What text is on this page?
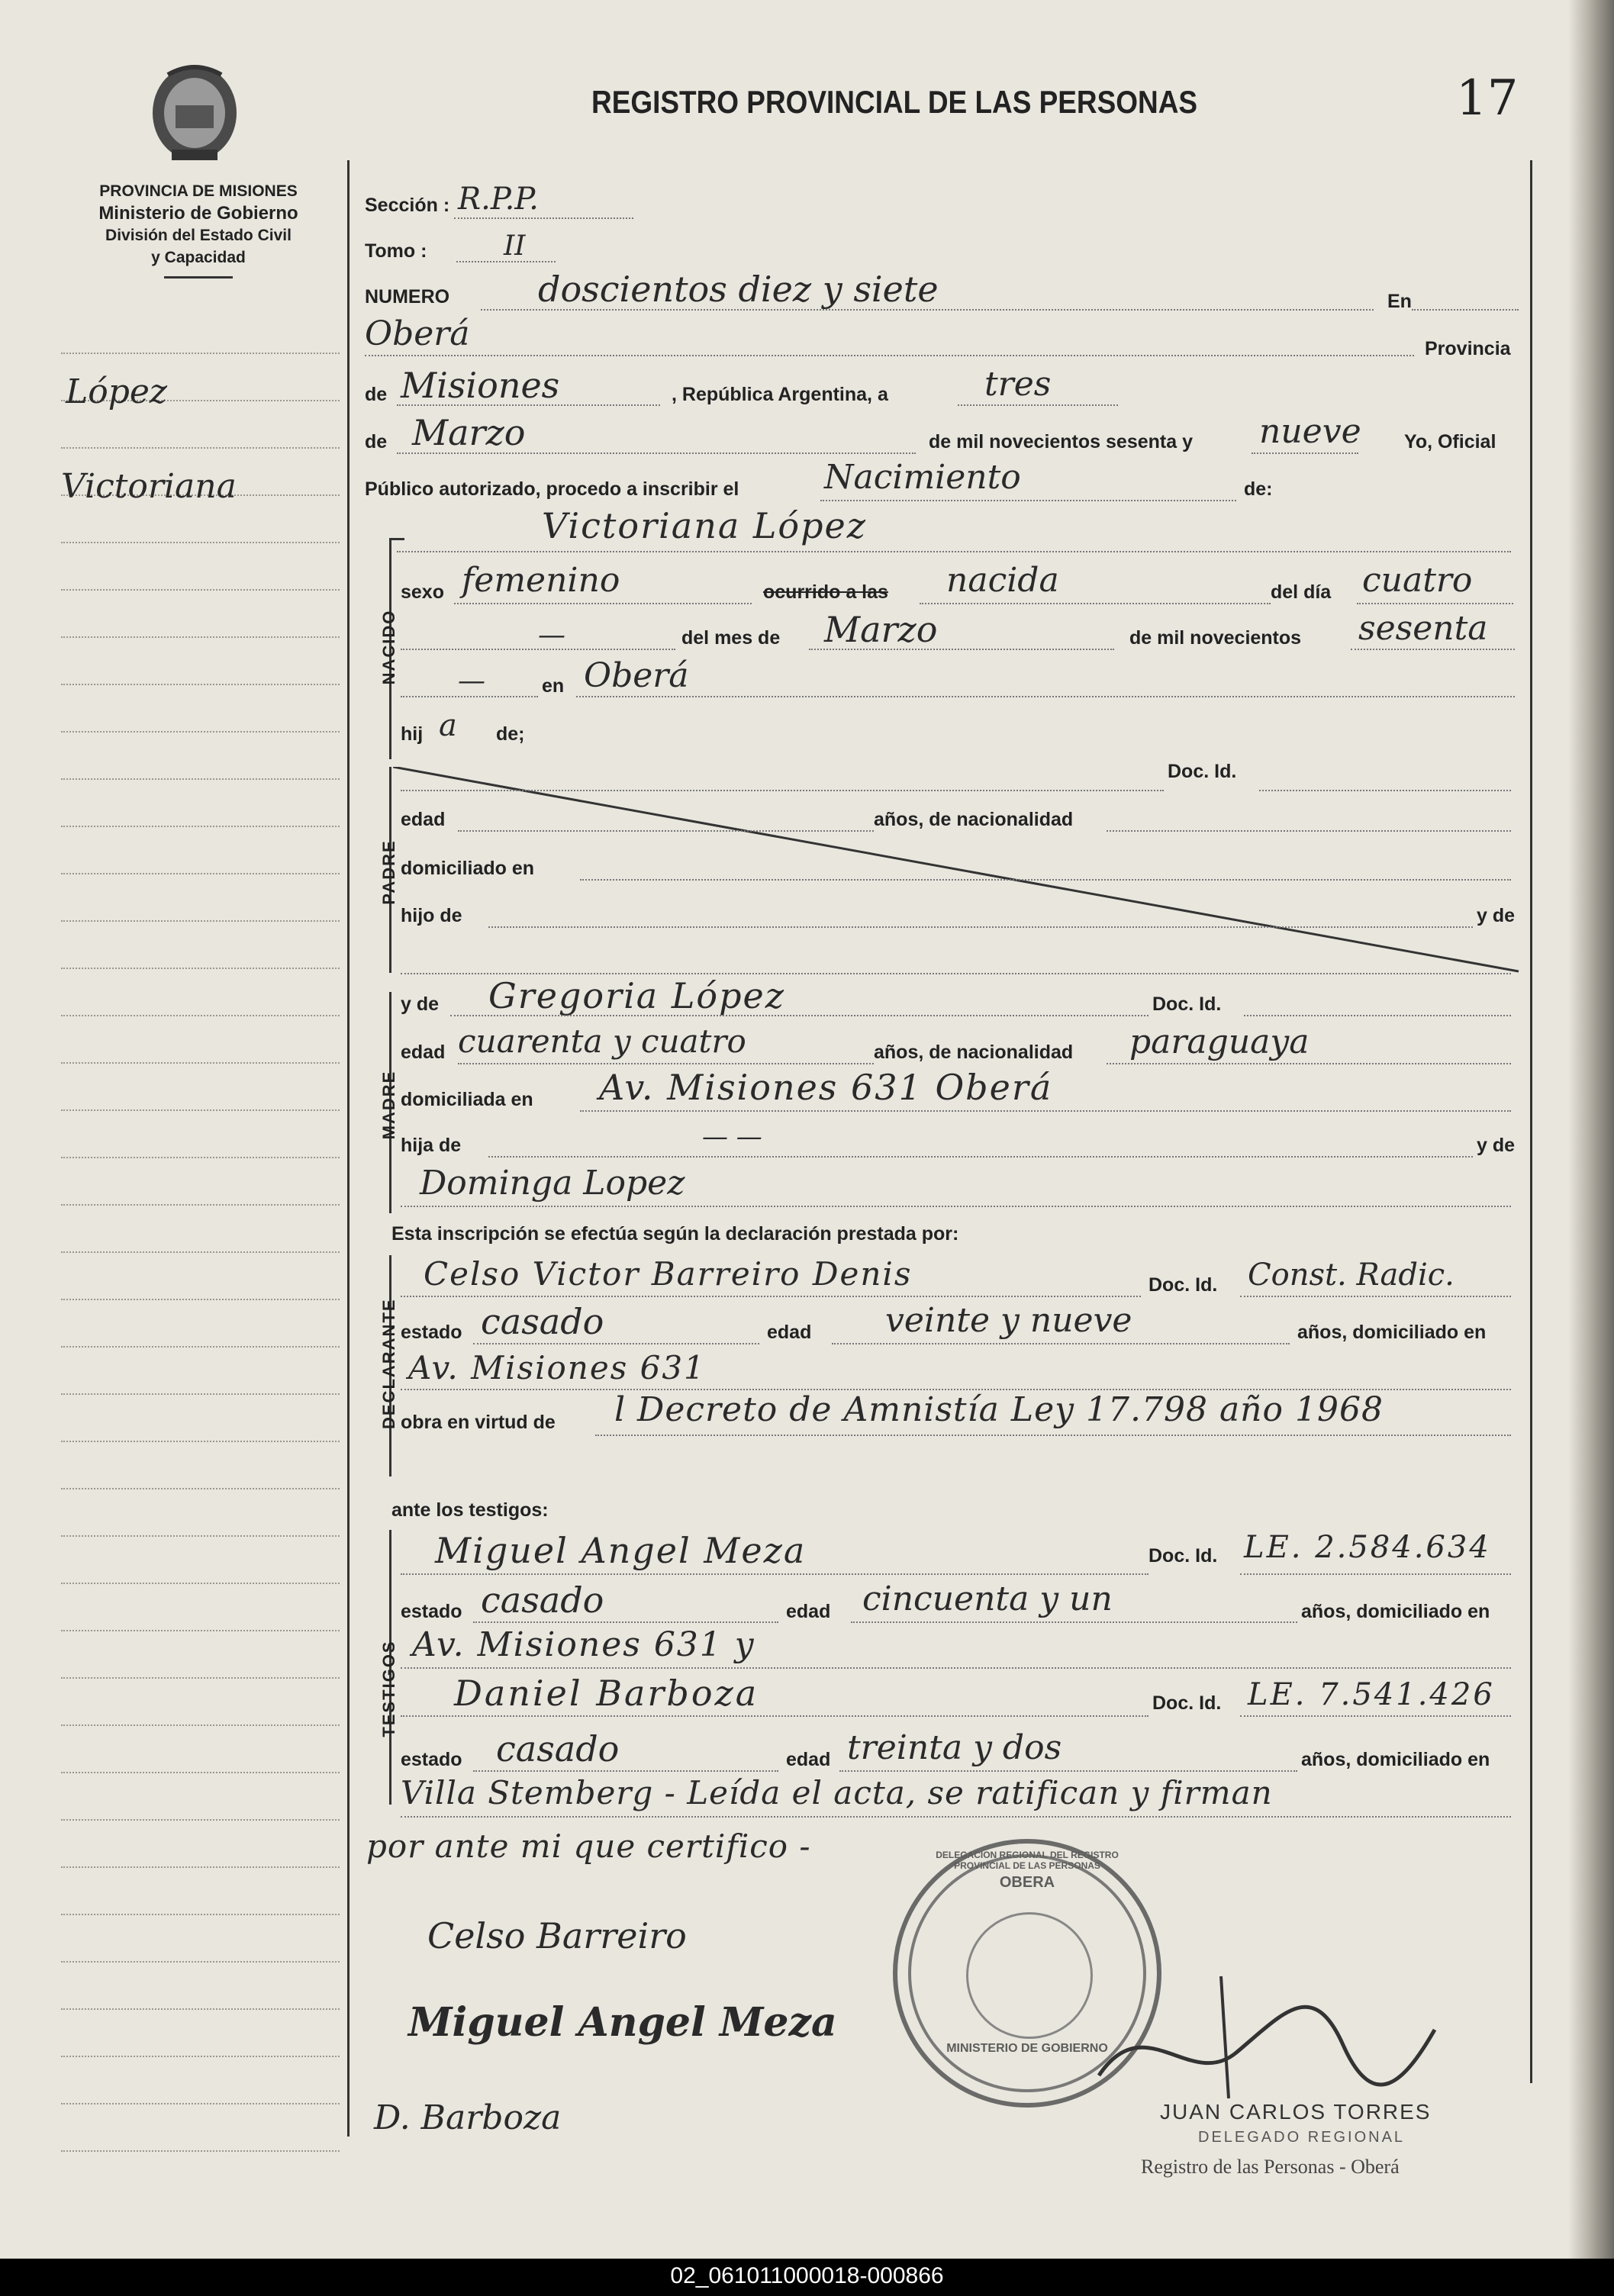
PROVINCIA DE MISIONES
Ministerio de Gobierno
División del Estado Civil
y Capacidad
López
Victoriana
REGISTRO PROVINCIAL DE LAS PERSONAS	17
Sección : R.P.P.
Tomo :	II
NUMERO	doscientos diez y siete	En
Oberá	Provincia
de Misiones	, República Argentina, a	tres
de Marzo	de mil novecientos sesenta y nueve Yo, Oficial
Público autorizado, procedo a inscribir el	Nacimiento	de:
Victoriana López
NACIDO
sexo femenino	ocurrido a las nacida	del día cuatro
—	del mes de Marzo	de mil novecientos sesenta
—	en Oberá
hij a de;
PADRE
Doc. Id.
edad	años, de nacionalidad
domiciliado en
hijo de	y de
MADRE
y de Gregoria López	Doc. Id.
edad cuarenta y cuatro	años, de nacionalidad paraguaya
domiciliada en Av. Misiones 631 Oberá
hija de	— —	y de
Dominga Lopez
Esta inscripción se efectúa según la declaración prestada por:
DECLARANTE
Celso Victor Barreiro Denis	Doc. Id. Const. Radic.
estado casado	edad veinte y nueve	años, domiciliado en
Av. Misiones 631
obra en virtud de l Decreto de Amnistía Ley 17.798 año 1968
ante los testigos:
TESTIGOS
Miguel Angel Meza	Doc. Id. LE. 2.584.634
estado casado	edad cincuenta y un	años, domiciliado en
Av. Misiones 631 y
Daniel Barboza	Doc. Id. LE. 7.541.426
estado casado	edad treinta y dos	años, domiciliado en
Villa Stemberg - Leída el acta, se ratifican y firman
por ante mi que certifico -
OBERA
MINISTERIO DE GOBIERNO
DELEGACION REGIONAL DEL REGISTRO PROVINCIAL DE LAS PERSONAS
Celso Barreiro
Miguel Angel Meza
D. Barboza	JUAN CARLOS TORRES
DELEGADO REGIONAL
Registro de las Personas - Oberá
02_061011000018-000866
